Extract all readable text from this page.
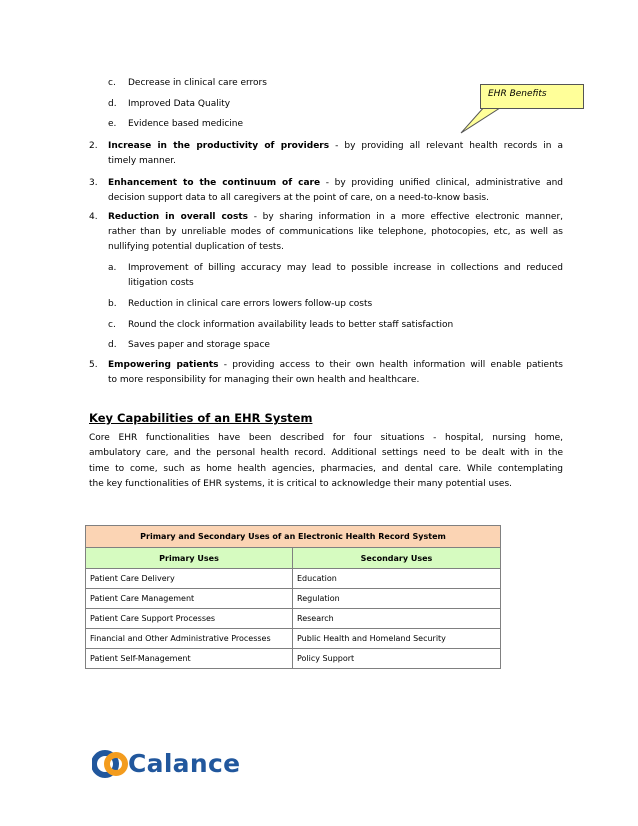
c. Decrease in clinical care errors
d. Improved Data Quality
e. Evidence based medicine
EHR Benefits
2. Increase in the productivity of providers - by providing all relevant health records in a
timely manner.
3. Enhancement to the continuum of care - by providing unified clinical, administrative and
decision support data to all caregivers at the point of care, on a need-to-know basis.
4. Reduction in overall costs - by sharing information in a more effective electronic manner,
rather than by unreliable modes of communications like telephone, photocopies, etc, as well as
nullifying potential duplication of tests.
a. Improvement of billing accuracy may lead to possible increase in collections and reduced
litigation costs
b. Reduction in clinical care errors lowers follow-up costs
c. Round the clock information availability leads to better staff satisfaction
d. Saves paper and storage space
5. Empowering patients - providing access to their own health information will enable patients
to more responsibility for managing their own health and healthcare.
Key Capabilities of an EHR System
Core EHR functionalities have been described for four situations - hospital, nursing home,
ambulatory care, and the personal health record. Additional settings need to be dealt with in the
time to come, such as home health agencies, pharmacies, and dental care. While contemplating
the key functionalities of EHR systems, it is critical to acknowledge their many potential uses.
Primary and Secondary Uses of an Electronic Health Record System	
Primary Uses	Secondary Uses
Patient Care Delivery	Education
Patient Care Management	Regulation
Patient Care Support Processes	Research
Financial and Other Administrative Processes	Public Health and Homeland Security
Patient Self-Management	Policy Support
Calance
